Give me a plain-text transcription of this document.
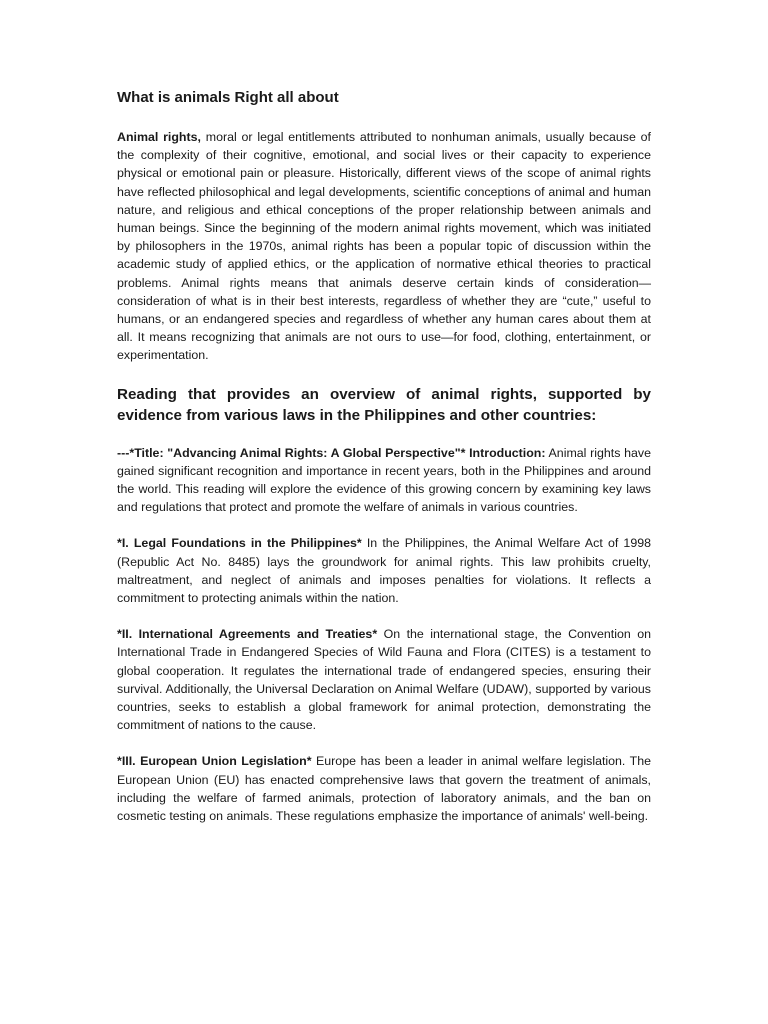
What is animals Right all about

Animal rights, moral or legal entitlements attributed to nonhuman animals, usually because of the complexity of their cognitive, emotional, and social lives or their capacity to experience physical or emotional pain or pleasure. Historically, different views of the scope of animal rights have reflected philosophical and legal developments, scientific conceptions of animal and human nature, and religious and ethical conceptions of the proper relationship between animals and human beings. Since the beginning of the modern animal rights movement, which was initiated by philosophers in the 1970s, animal rights has been a popular topic of discussion within the academic study of applied ethics, or the application of normative ethical theories to practical problems. Animal rights means that animals deserve certain kinds of consideration—consideration of what is in their best interests, regardless of whether they are “cute,” useful to humans, or an endangered species and regardless of whether any human cares about them at all. It means recognizing that animals are not ours to use—for food, clothing, entertainment, or experimentation.

Reading that provides an overview of animal rights, supported by evidence from various laws in the Philippines and other countries:

---*Title: "Advancing Animal Rights: A Global Perspective"* Introduction: Animal rights have gained significant recognition and importance in recent years, both in the Philippines and around the world. This reading will explore the evidence of this growing concern by examining key laws and regulations that protect and promote the welfare of animals in various countries.

*I. Legal Foundations in the Philippines* In the Philippines, the Animal Welfare Act of 1998 (Republic Act No. 8485) lays the groundwork for animal rights. This law prohibits cruelty, maltreatment, and neglect of animals and imposes penalties for violations. It reflects a commitment to protecting animals within the nation.

*II. International Agreements and Treaties* On the international stage, the Convention on International Trade in Endangered Species of Wild Fauna and Flora (CITES) is a testament to global cooperation. It regulates the international trade of endangered species, ensuring their survival. Additionally, the Universal Declaration on Animal Welfare (UDAW), supported by various countries, seeks to establish a global framework for animal protection, demonstrating the commitment of nations to the cause.

*III. European Union Legislation* Europe has been a leader in animal welfare legislation. The European Union (EU) has enacted comprehensive laws that govern the treatment of animals, including the welfare of farmed animals, protection of laboratory animals, and the ban on cosmetic testing on animals. These regulations emphasize the importance of animals' well-being.
